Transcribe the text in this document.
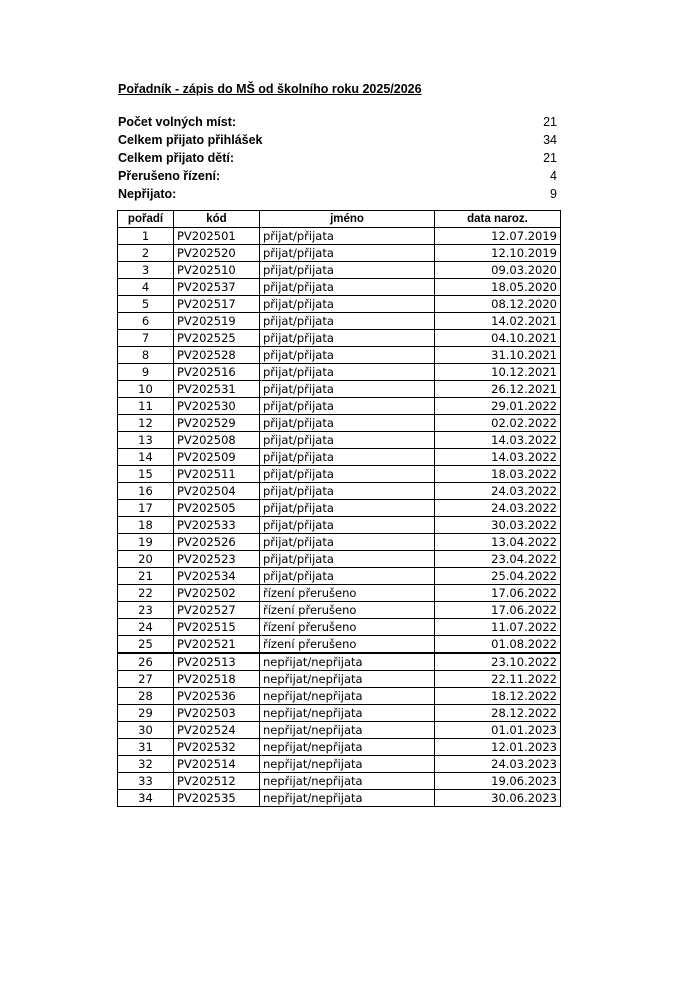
Pořadník - zápis do MŠ od školního roku 2025/2026
Počet volných míst:	21
Celkem přijato přihlášek	34
Celkem přijato dětí:	21
Přerušeno řízení:	4
Nepřijato:	9
pořadí	kód	jméno	data naroz.
1	PV202501	přijat/přijata	12.07.2019
2	PV202520	přijat/přijata	12.10.2019
3	PV202510	přijat/přijata	09.03.2020
4	PV202537	přijat/přijata	18.05.2020
5	PV202517	přijat/přijata	08.12.2020
6	PV202519	přijat/přijata	14.02.2021
7	PV202525	přijat/přijata	04.10.2021
8	PV202528	přijat/přijata	31.10.2021
9	PV202516	přijat/přijata	10.12.2021
10	PV202531	přijat/přijata	26.12.2021
11	PV202530	přijat/přijata	29.01.2022
12	PV202529	přijat/přijata	02.02.2022
13	PV202508	přijat/přijata	14.03.2022
14	PV202509	přijat/přijata	14.03.2022
15	PV202511	přijat/přijata	18.03.2022
16	PV202504	přijat/přijata	24.03.2022
17	PV202505	přijat/přijata	24.03.2022
18	PV202533	přijat/přijata	30.03.2022
19	PV202526	přijat/přijata	13.04.2022
20	PV202523	přijat/přijata	23.04.2022
21	PV202534	přijat/přijata	25.04.2022
22	PV202502	řízení přerušeno	17.06.2022
23	PV202527	řízení přerušeno	17.06.2022
24	PV202515	řízení přerušeno	11.07.2022
25	PV202521	řízení přerušeno	01.08.2022
26	PV202513	nepřijat/nepřijata	23.10.2022
27	PV202518	nepřijat/nepřijata	22.11.2022
28	PV202536	nepřijat/nepřijata	18.12.2022
29	PV202503	nepřijat/nepřijata	28.12.2022
30	PV202524	nepřijat/nepřijata	01.01.2023
31	PV202532	nepřijat/nepřijata	12.01.2023
32	PV202514	nepřijat/nepřijata	24.03.2023
33	PV202512	nepřijat/nepřijata	19.06.2023
34	PV202535	nepřijat/nepřijata	30.06.2023
